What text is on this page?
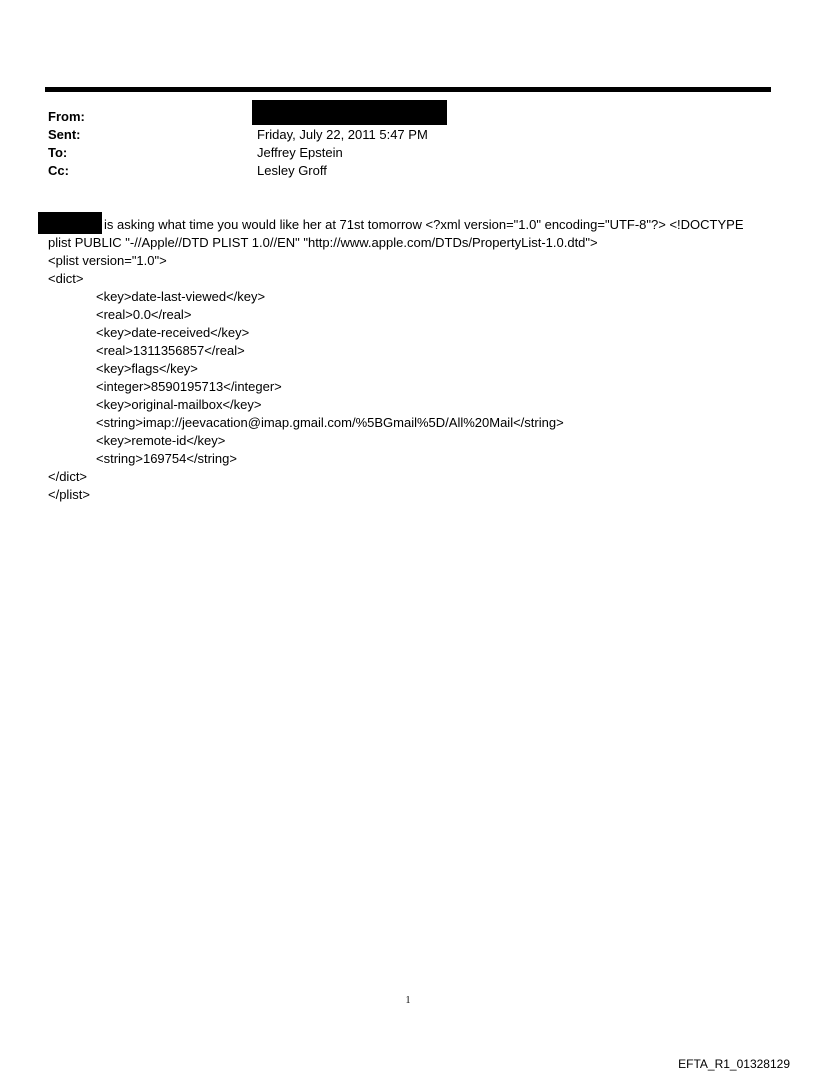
From:
Sent:	Friday, July 22, 2011 5:47 PM
To:	Jeffrey Epstein
Cc:	Lesley Groff
is asking what time you would like her at 71st tomorrow <?xml version="1.0" encoding="UTF-8"?> <!DOCTYPE
plist PUBLIC "-//Apple//DTD PLIST 1.0//EN" "http://www.apple.com/DTDs/PropertyList-1.0.dtd">
<plist version="1.0">
<dict>
<key>date-last-viewed</key>
<real>0.0</real>
<key>date-received</key>
<real>1311356857</real>
<key>flags</key>
<integer>8590195713</integer>
<key>original-mailbox</key>
<string>imap://jeevacation@imap.gmail.com/%5BGmail%5D/All%20Mail</string>
<key>remote-id</key>
<string>169754</string>
</dict>
</plist>
1
EFTA_R1_01328129
